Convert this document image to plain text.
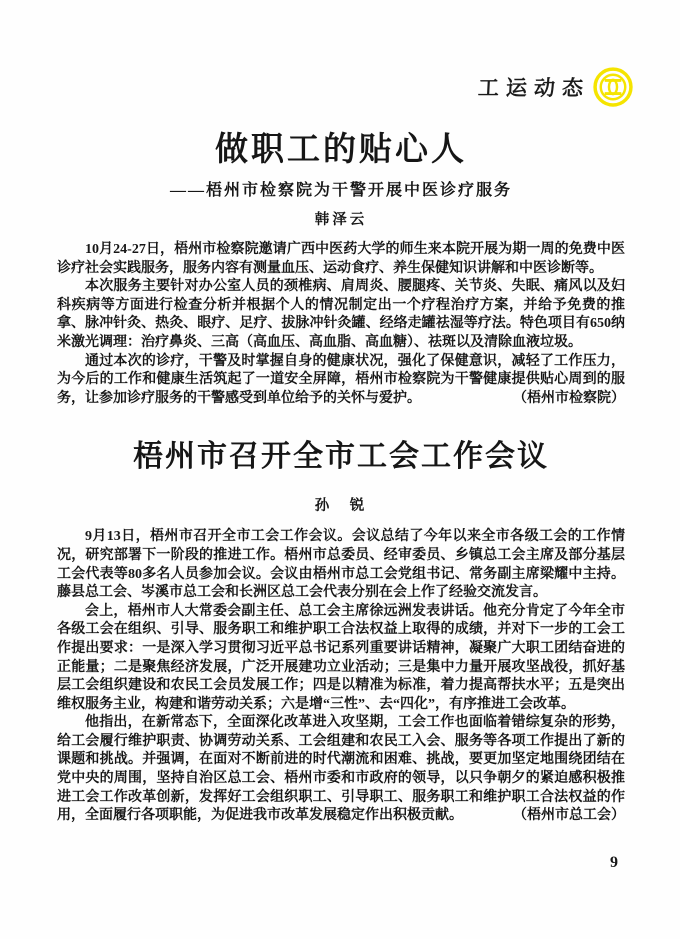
工运动态
做职工的贴心人
——梧州市检察院为干警开展中医诊疗服务
韩泽云

10月24-27日，梧州市检察院邀请广西中医药大学的师生来本院开展为期一周的免费中医诊疗社会实践服务，服务内容有测量血压、运动食疗、养生保健知识讲解和中医诊断等。

本次服务主要针对办公室人员的颈椎病、肩周炎、腰腿疼、关节炎、失眠、痛风以及妇科疾病等方面进行检查分析并根据个人的情况制定出一个疗程治疗方案，并给予免费的推拿、脉冲针灸、热灸、眼疗、足疗、拔脉冲针灸罐、经络走罐祛湿等疗法。特色项目有650纳米激光调理：治疗鼻炎、三高（高血压、高血脂、高血糖）、祛斑以及清除血液垃圾。

通过本次的诊疗，干警及时掌握自身的健康状况，强化了保健意识，减轻了工作压力，为今后的工作和健康生活筑起了一道安全屏障，梧州市检察院为干警健康提供贴心周到的服务，让参加诊疗服务的干警感受到单位给予的关怀与爱护。	（梧州市检察院）

梧州市召开全市工会工作会议
孙　锐

9月13日，梧州市召开全市工会工作会议。会议总结了今年以来全市各级工会的工作情况，研究部署下一阶段的推进工作。梧州市总委员、经审委员、乡镇总工会主席及部分基层工会代表等80多名人员参加会议。会议由梧州市总工会党组书记、常务副主席梁耀中主持。藤县总工会、岑溪市总工会和长洲区总工会代表分别在会上作了经验交流发言。

会上，梧州市人大常委会副主任、总工会主席徐远洲发表讲话。他充分肯定了今年全市各级工会在组织、引导、服务职工和维护职工合法权益上取得的成绩，并对下一步的工会工作提出要求：一是深入学习贯彻习近平总书记系列重要讲话精神，凝聚广大职工团结奋进的正能量；二是聚焦经济发展，广泛开展建功立业活动；三是集中力量开展攻坚战役，抓好基层工会组织建设和农民工会员发展工作；四是以精准为标准，着力提高帮扶水平；五是突出维权服务主业，构建和谐劳动关系；六是增“三性”、去“四化”，有序推进工会改革。

他指出，在新常态下，全面深化改革进入攻坚期，工会工作也面临着错综复杂的形势，给工会履行维护职责、协调劳动关系、工会组建和农民工入会、服务等各项工作提出了新的课题和挑战。并强调，在面对不断前进的时代潮流和困难、挑战，要更加坚定地围绕团结在党中央的周围，坚持自治区总工会、梧州市委和市政府的领导，以只争朝夕的紧迫感积极推进工会工作改革创新，发挥好工会组织职工、引导职工、服务职工和维护职工合法权益的作用，全面履行各项职能，为促进我市改革发展稳定作出积极贡献。	（梧州市总工会）

9
